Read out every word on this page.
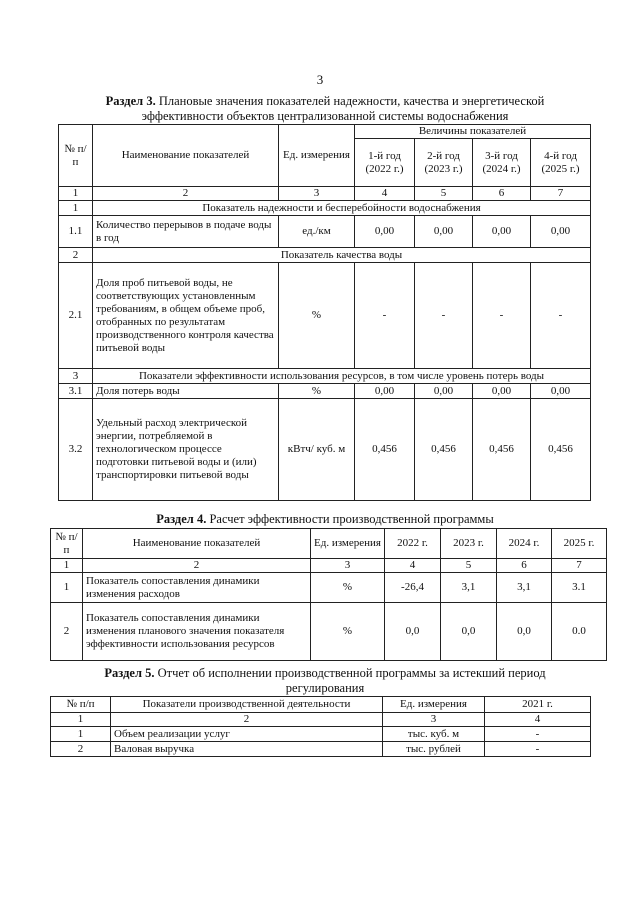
3
Раздел 3. Плановые значения показателей надежности, качества и энергетической
эффективности объектов централизованной системы водоснабжения
№ п/п	Наименование показателей	Ед. измерения	Величины показателей			
			1-й год (2022 г.)	2-й год (2023 г.)	3-й год (2024 г.)	4-й год (2025 г.)
1	2	3	4	5	6	7
1	Показатель надежности и бесперебойности водоснабжения					
1.1	Количество перерывов в подаче воды в год	ед./км	0,00	0,00	0,00	0,00
2	Показатель качества воды					
2.1	Доля проб питьевой воды, не соответствующих установленным требованиям, в общем объеме проб, отобранных по результатам производственного контроля качества питьевой воды	%	-	-	-	-
3	Показатели эффективности использования ресурсов, в том числе уровень потерь воды					
3.1	Доля потерь воды	%	0,00	0,00	0,00	0,00
3.2	Удельный расход электрической энергии, потребляемой в технологическом процессе подготовки питьевой воды и (или) транспортировки питьевой воды	кВтч/ куб. м	0,456	0,456	0,456	0,456
Раздел 4. Расчет эффективности производственной программы
№ п/п	Наименование показателей	Ед. измерения	2022 г.	2023 г.	2024 г.	2025 г.
1	2	3	4	5	6	7
1	Показатель сопоставления динамики изменения расходов	%	-26,4	3,1	3,1	3.1
2	Показатель сопоставления динамики изменения планового значения показателя эффективности использования ресурсов	%	0,0	0,0	0,0	0.0
Раздел 5. Отчет об исполнении производственной программы за истекший период
регулирования
№ п/п	Показатели производственной деятельности	Ед. измерения	2021 г.
1	2	3	4
1	Объем реализации услуг	тыс. куб. м	-
2	Валовая выручка	тыс. рублей	-
